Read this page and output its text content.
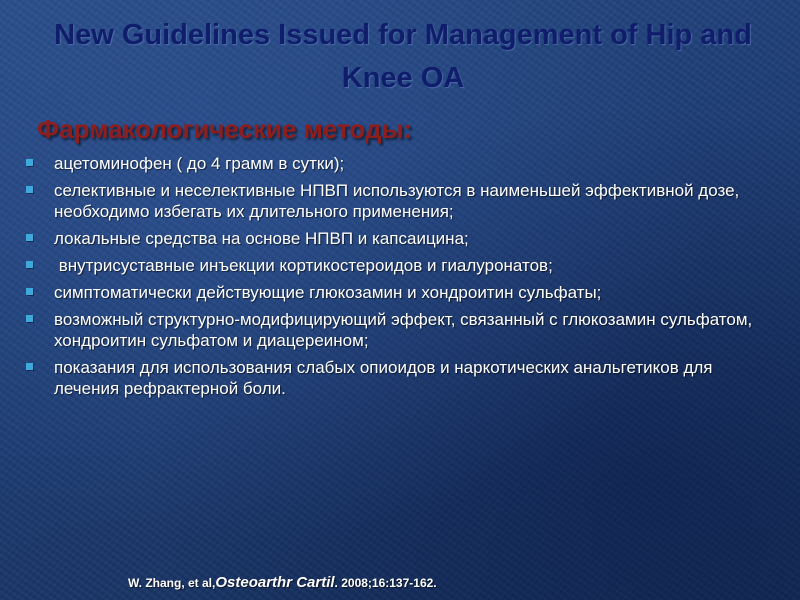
New Guidelines Issued for Management of Hip and Knee OA
Фармакологические методы:
ацетоминофен ( до 4 грамм в сутки);
селективные и неселективные НПВП используются в наименьшей эффективной дозе, необходимо избегать их длительного применения;
локальные средства на основе НПВП и капсаицина;
внутрисуставные инъекции кортикостероидов и гиалуронатов;
симптоматически действующие глюкозамин и хондроитин сульфаты;
возможный структурно-модифицирующий эффект, связанный с глюкозамин сульфатом, хондроитин сульфатом и диацереином;
показания для использования слабых опиоидов и наркотических анальгетиков для лечения рефрактерной боли.

W. Zhang, et al,Osteoarthr Cartil. 2008;16:137-162.
